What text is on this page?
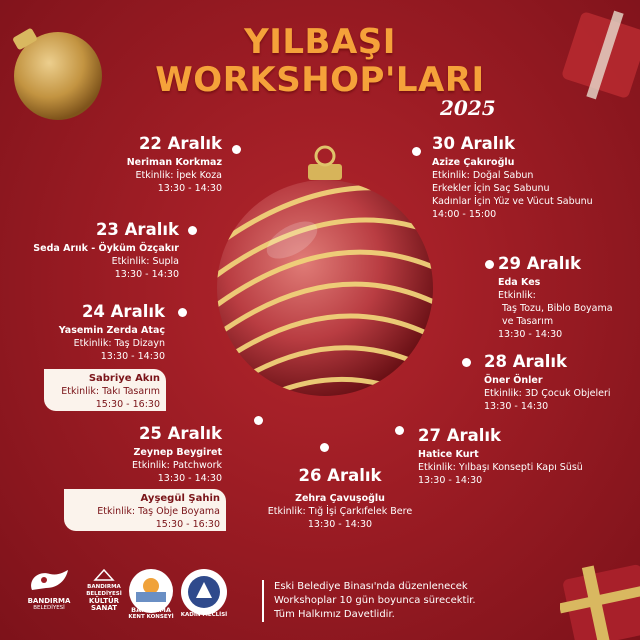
YILBAŞI
WORKSHOP'LARI
2025
22 Aralık
Neriman Korkmaz
Etkinlik: İpek Koza
13:30 - 14:30
23 Aralık
Seda Arıık - Öyküm Özçakır
Etkinlik: Supla
13:30 - 14:30
24 Aralık
Yasemin Zerda Ataç
Etkinlik: Taş Dizayn
13:30 - 14:30
Sabriye Akın
Etkinlik: Takı Tasarım
15:30 - 16:30
25 Aralık
Zeynep Beygiret
Etkinlik: Patchwork
13:30 - 14:30
Ayşegül Şahin
Etkinlik: Taş Obje Boyama
15:30 - 16:30
26 Aralık
Zehra Çavuşoğlu
Etkinlik: Tığ İşi Çarkıfelek Bere
13:30 - 14:30
30 Aralık
Azize Çakıroğlu
Etkinlik: Doğal Sabun
Erkekler İçin Saç Sabunu
Kadınlar İçin Yüz ve Vücut Sabunu
14:00 - 15:00
29 Aralık
Eda Kes
Etkinlik:
Taş Tozu, Biblo Boyama
ve Tasarım
13:30 - 14:30
28 Aralık
Öner Önler
Etkinlik: 3D Çocuk Objeleri
13:30 - 14:30
27 Aralık
Hatice Kurt
Etkinlik: Yılbaşı Konsepti Kapı Süsü
13:30 - 14:30
BANDIRMA
BELEDİYESİ
BANDIRMA
BELEDİYESİ
KÜLTÜR
SANAT	BANDIRMA
KENT KONSEYİ	KADIN MECLİSİ
Eski Belediye Binası'nda düzenlenecek
Workshoplar 10 gün boyunca sürecektir.
Tüm Halkımız Davetlidir.
